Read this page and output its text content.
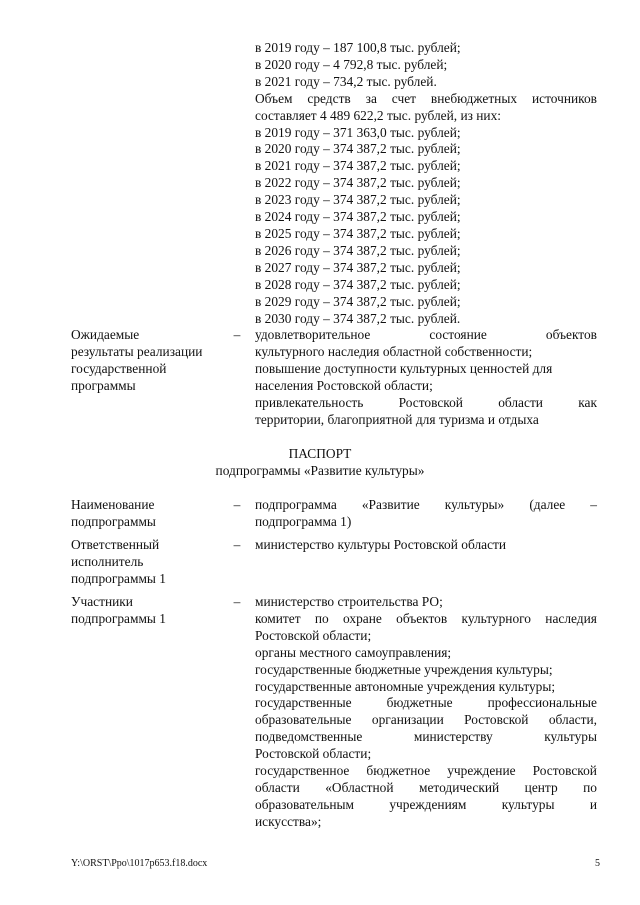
в 2019 году – 187 100,8 тыс. рублей;
в 2020 году – 4 792,8 тыс. рублей;
в 2021 году – 734,2 тыс. рублей.
Объем средств за счет внебюджетных источников
составляет 4 489 622,2 тыс. рублей, из них:
в 2019 году – 371 363,0 тыс. рублей;
в 2020 году – 374 387,2 тыс. рублей;
в 2021 году – 374 387,2 тыс. рублей;
в 2022 году – 374 387,2 тыс. рублей;
в 2023 году – 374 387,2 тыс. рублей;
в 2024 году – 374 387,2 тыс. рублей;
в 2025 году – 374 387,2 тыс. рублей;
в 2026 году – 374 387,2 тыс. рублей;
в 2027 году – 374 387,2 тыс. рублей;
в 2028 году – 374 387,2 тыс. рублей;
в 2029 году – 374 387,2 тыс. рублей;
в 2030 году – 374 387,2 тыс. рублей.
Ожидаемые
результаты реализации
государственной
программы
– удовлетворительное	состояние	объектов
культурного наследия областной собственности;
повышение доступности культурных ценностей для
населения Ростовской области;
привлекательность	Ростовской	области	как
территории, благоприятной для туризма и отдыха
ПАСПОРТ
подпрограммы «Развитие культуры»
Наименование
подпрограммы
– подпрограмма «Развитие культуры» (далее –
подпрограмма 1)
Ответственный
исполнитель
подпрограммы 1
– министерство культуры Ростовской области
Участники
подпрограммы 1
– министерство строительства РО;
комитет по охране объектов культурного наследия
Ростовской области;
органы местного самоуправления;
государственные бюджетные учреждения культуры;
государственные автономные учреждения культуры;
государственные	бюджетные	профессиональные
образовательные организации Ростовской области,
подведомственные	министерству	культуры
Ростовской области;
государственное бюджетное учреждение Ростовской
области «Областной методический центр по
образовательным	учреждениям	культуры	и
искусства»;
Y:\ORST\Ppo\1017p653.f18.docx	5
